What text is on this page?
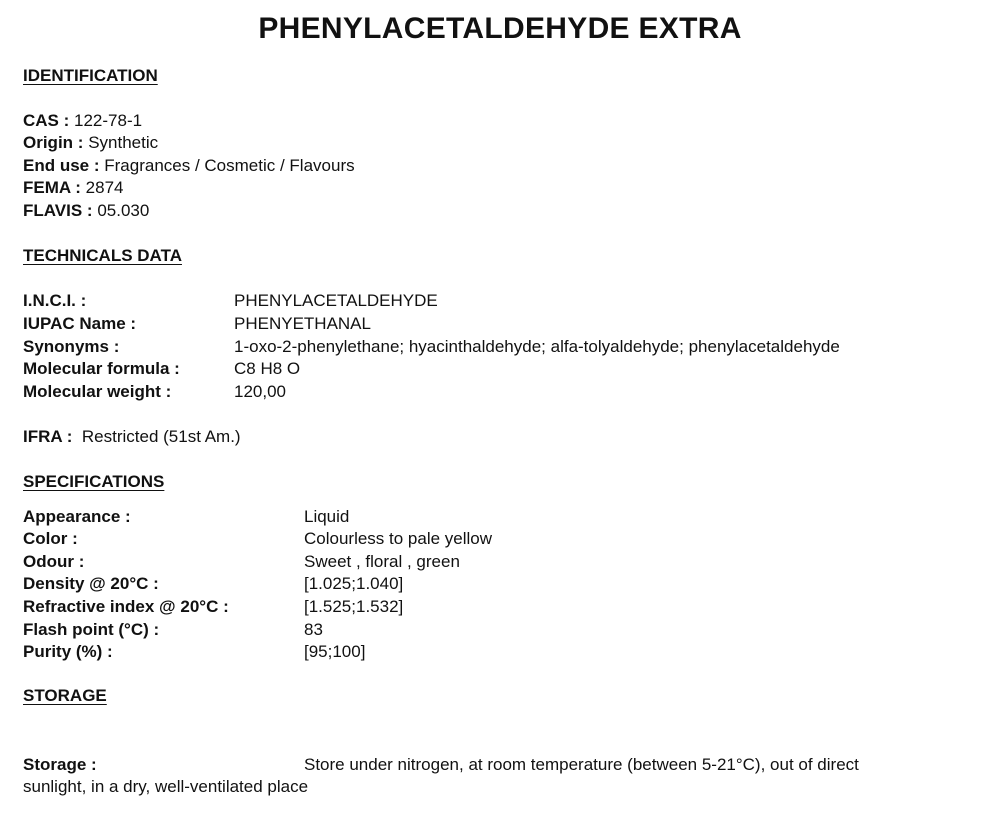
PHENYLACETALDEHYDE EXTRA
IDENTIFICATION
CAS : 122-78-1
Origin : Synthetic
End use : Fragrances / Cosmetic / Flavours
FEMA : 2874
FLAVIS : 05.030
TECHNICALS DATA
I.N.C.I. :	PHENYLACETALDEHYDE
IUPAC Name :	PHENYETHANAL
Synonyms :	1-oxo-2-phenylethane; hyacinthaldehyde; alfa-tolyaldehyde; phenylacetaldehyde
Molecular formula :	C8 H8 O
Molecular weight :	120,00
IFRA : Restricted (51st Am.)
SPECIFICATIONS
Appearance :	Liquid
Color :	Colourless to pale yellow
Odour :	Sweet , floral , green
Density @ 20°C :	[1.025;1.040]
Refractive index @ 20°C :	[1.525;1.532]
Flash point (°C) :	83
Purity (%) :	[95;100]
STORAGE
Storage :	Store under nitrogen, at room temperature (between 5-21°C), out of direct
sunlight, in a dry, well-ventilated place
